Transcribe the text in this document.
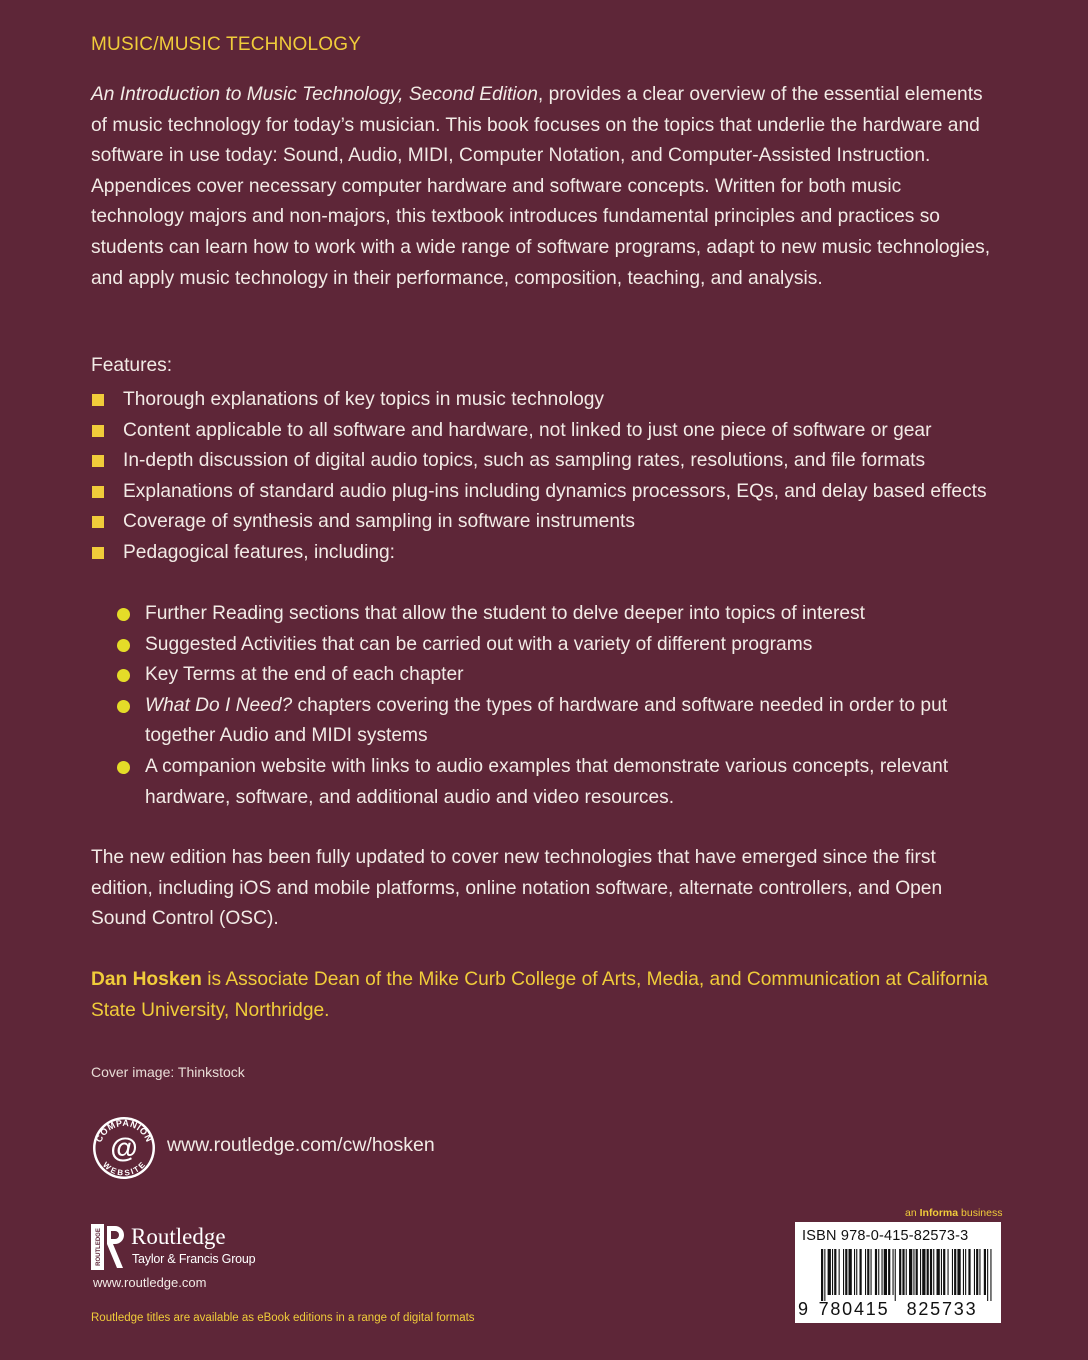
MUSIC/MUSIC TECHNOLOGY

An Introduction to Music Technology, Second Edition, provides a clear overview of the essential elements of music technology for today’s musician. This book focuses on the topics that underlie the hardware and software in use today: Sound, Audio, MIDI, Computer Notation, and Computer-Assisted Instruction. Appendices cover necessary computer hardware and software concepts. Written for both music technology majors and non-majors, this textbook introduces fundamental principles and practices so students can learn how to work with a wide range of software programs, adapt to new music technologies, and apply music technology in their performance, composition, teaching, and analysis.

Features:
Thorough explanations of key topics in music technology
Content applicable to all software and hardware, not linked to just one piece of software or gear
In-depth discussion of digital audio topics, such as sampling rates, resolutions, and file formats
Explanations of standard audio plug-ins including dynamics processors, EQs, and delay based effects
Coverage of synthesis and sampling in software instruments
Pedagogical features, including:
Further Reading sections that allow the student to delve deeper into topics of interest
Suggested Activities that can be carried out with a variety of different programs
Key Terms at the end of each chapter
What Do I Need? chapters covering the types of hardware and software needed in order to put together Audio and MIDI systems
A companion website with links to audio examples that demonstrate various concepts, relevant hardware, software, and additional audio and video resources.

The new edition has been fully updated to cover new technologies that have emerged since the first edition, including iOS and mobile platforms, online notation software, alternate controllers, and Open Sound Control (OSC).

Dan Hosken is Associate Dean of the Mike Curb College of Arts, Media, and Communication at California State University, Northridge.

Cover image: Thinkstock
COMPANION
WEBSITE
@ www.routledge.com/cw/hosken
ROUTLEDGE Routledge
Taylor & Francis Group
www.routledge.com
Routledge titles are available as eBook editions in a range of digital formats
an Informa business
ISBN 978-0-415-82573-3
9 780415 825733
